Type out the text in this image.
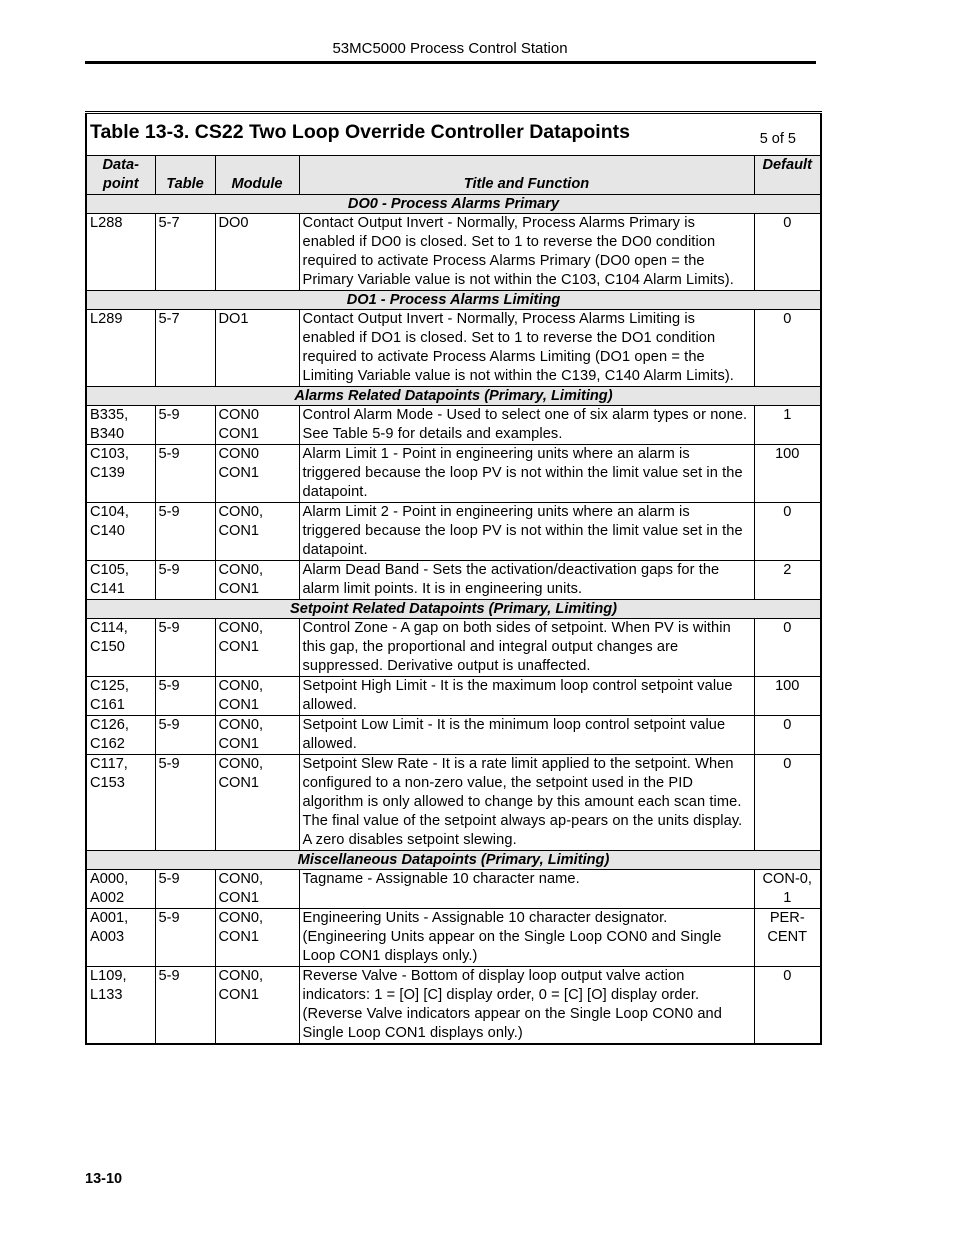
53MC5000 Process Control Station
Table 13-3. CS22 Two Loop Override Controller Datapoints 5 of 5				

Data-
point	Table	Module	Title and Function	Default
DO0 - Process Alarms Primary				
L288	5-7	DO0	Contact Output Invert - Normally, Process Alarms Primary is enabled if DO0 is closed. Set to 1 to reverse the DO0 condition required to activate Process Alarms Primary (DO0 open = the Primary Variable value is not within the C103, C104 Alarm Limits).	0
DO1 - Process Alarms Limiting				
L289	5-7	DO1	Contact Output Invert - Normally, Process Alarms Limiting is enabled if DO1 is closed. Set to 1 to reverse the DO1 condition required to activate Process Alarms Limiting (DO1 open = the Limiting Variable value is not within the C139, C140 Alarm Limits).	0
Alarms Related Datapoints (Primary, Limiting)				
B335, B340	5-9	CON0 CON1	Control Alarm Mode - Used to select one of six alarm types or none. See Table 5-9 for details and examples.	1
C103, C139	5-9	CON0 CON1	Alarm Limit 1 - Point in engineering units where an alarm is triggered because the loop PV is not within the limit value set in the datapoint.	100
C104, C140	5-9	CON0, CON1	Alarm Limit 2 - Point in engineering units where an alarm is triggered because the loop PV is not within the limit value set in the datapoint.	0
C105, C141	5-9	CON0, CON1	Alarm Dead Band - Sets the activation/deactivation gaps for the alarm limit points. It is in engineering units.	2
Setpoint Related Datapoints (Primary, Limiting)				
C114, C150	5-9	CON0, CON1	Control Zone - A gap on both sides of setpoint. When PV is within this gap, the proportional and integral output changes are suppressed. Derivative output is unaffected.	0
C125, C161	5-9	CON0, CON1	Setpoint High Limit - It is the maximum loop control setpoint value allowed.	100
C126, C162	5-9	CON0, CON1	Setpoint Low Limit - It is the minimum loop control setpoint value allowed.	0
C117, C153	5-9	CON0, CON1	Setpoint Slew Rate - It is a rate limit applied to the setpoint. When configured to a non-zero value, the setpoint used in the PID algorithm is only allowed to change by this amount each scan time. The final value of the setpoint always ap-pears on the units display. A zero disables setpoint slewing.	0
Miscellaneous Datapoints (Primary, Limiting)				
A000, A002	5-9	CON0, CON1	Tagname - Assignable 10 character name.	CON-0, 1
A001, A003	5-9	CON0, CON1	Engineering Units - Assignable 10 character designator. (Engineering Units appear on the Single Loop CON0 and Single Loop CON1 displays only.)	PER-CENT
L109, L133	5-9	CON0, CON1	Reverse Valve - Bottom of display loop output valve action indicators: 1 = [O] [C] display order, 0 = [C] [O] display order. (Reverse Valve indicators appear on the Single Loop CON0 and Single Loop CON1 displays only.)	0
13-10
